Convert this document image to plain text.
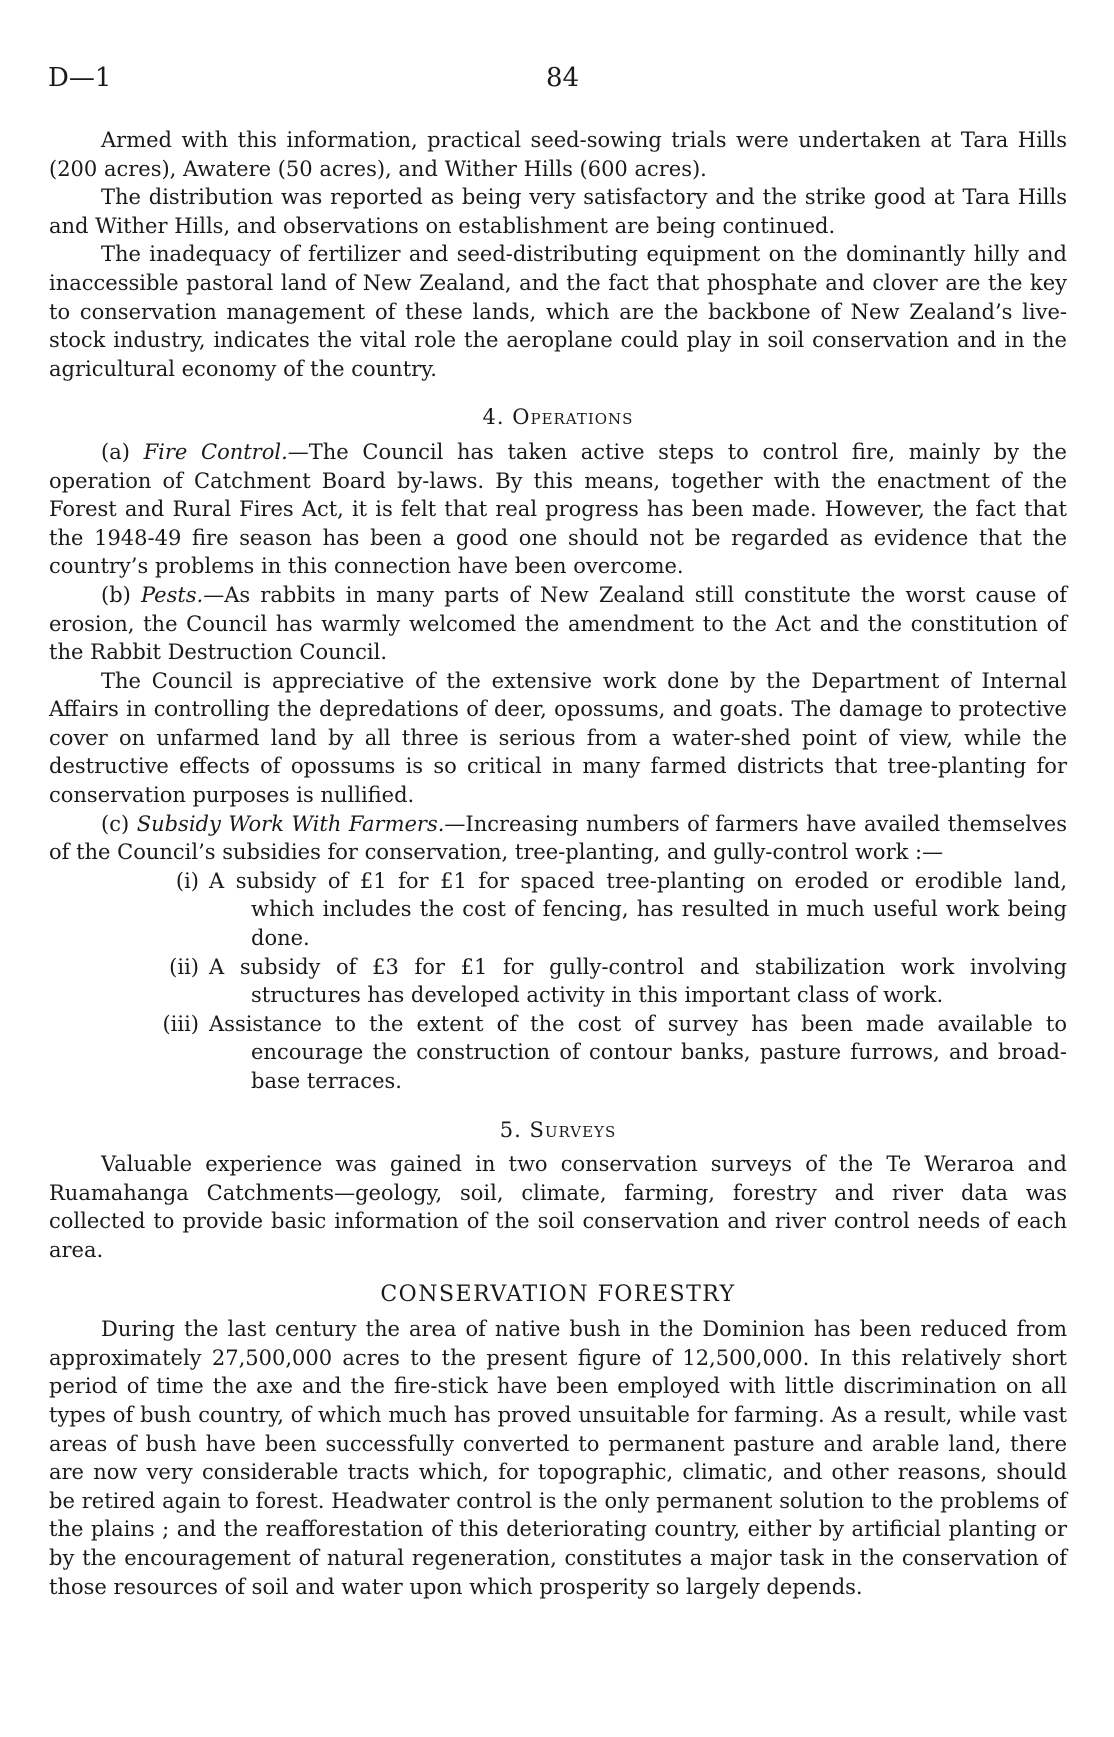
D—1	84

Armed with this information, practical seed-sowing trials were undertaken at Tara Hills (200 acres), Awatere (50 acres), and Wither Hills (600 acres).

The distribution was reported as being very satisfactory and the strike good at Tara Hills and Wither Hills, and observations on establishment are being continued.

The inadequacy of fertilizer and seed-distributing equipment on the dominantly hilly and inaccessible pastoral land of New Zealand, and the fact that phosphate and clover are the key to conservation management of these lands, which are the backbone of New Zealand’s live-stock industry, indicates the vital role the aeroplane could play in soil conservation and in the agricultural economy of the country.

4. Operations

(a) Fire Control.—The Council has taken active steps to control fire, mainly by the operation of Catchment Board by-laws. By this means, together with the enactment of the Forest and Rural Fires Act, it is felt that real progress has been made. However, the fact that the 1948-49 fire season has been a good one should not be regarded as evidence that the country’s problems in this connection have been overcome.

(b) Pests.—As rabbits in many parts of New Zealand still constitute the worst cause of erosion, the Council has warmly welcomed the amendment to the Act and the constitution of the Rabbit Destruction Council.

The Council is appreciative of the extensive work done by the Department of Internal Affairs in controlling the depredations of deer, opossums, and goats. The damage to protective cover on unfarmed land by all three is serious from a water-shed point of view, while the destructive effects of opossums is so critical in many farmed districts that tree-planting for conservation purposes is nullified.

(c) Subsidy Work With Farmers.—Increasing numbers of farmers have availed themselves of the Council’s subsidies for conservation, tree-planting, and gully-control work :—

(i) A subsidy of £1 for £1 for spaced tree-planting on eroded or erodible land, which includes the cost of fencing, has resulted in much useful work being done.
(ii) A subsidy of £3 for £1 for gully-control and stabilization work involving structures has developed activity in this important class of work.
(iii) Assistance to the extent of the cost of survey has been made available to encourage the construction of contour banks, pasture furrows, and broad-base terraces.

5. Surveys

Valuable experience was gained in two conservation surveys of the Te Weraroa and Ruamahanga Catchments—geology, soil, climate, farming, forestry and river data was collected to provide basic information of the soil conservation and river control needs of each area.

CONSERVATION FORESTRY

During the last century the area of native bush in the Dominion has been reduced from approximately 27,500,000 acres to the present figure of 12,500,000. In this relatively short period of time the axe and the fire-stick have been employed with little discrimination on all types of bush country, of which much has proved unsuitable for farming. As a result, while vast areas of bush have been successfully converted to permanent pasture and arable land, there are now very considerable tracts which, for topographic, climatic, and other reasons, should be retired again to forest. Headwater control is the only permanent solution to the problems of the plains ; and the reafforestation of this deteriorating country, either by artificial planting or by the encouragement of natural regeneration, constitutes a major task in the conservation of those resources of soil and water upon which prosperity so largely depends.
